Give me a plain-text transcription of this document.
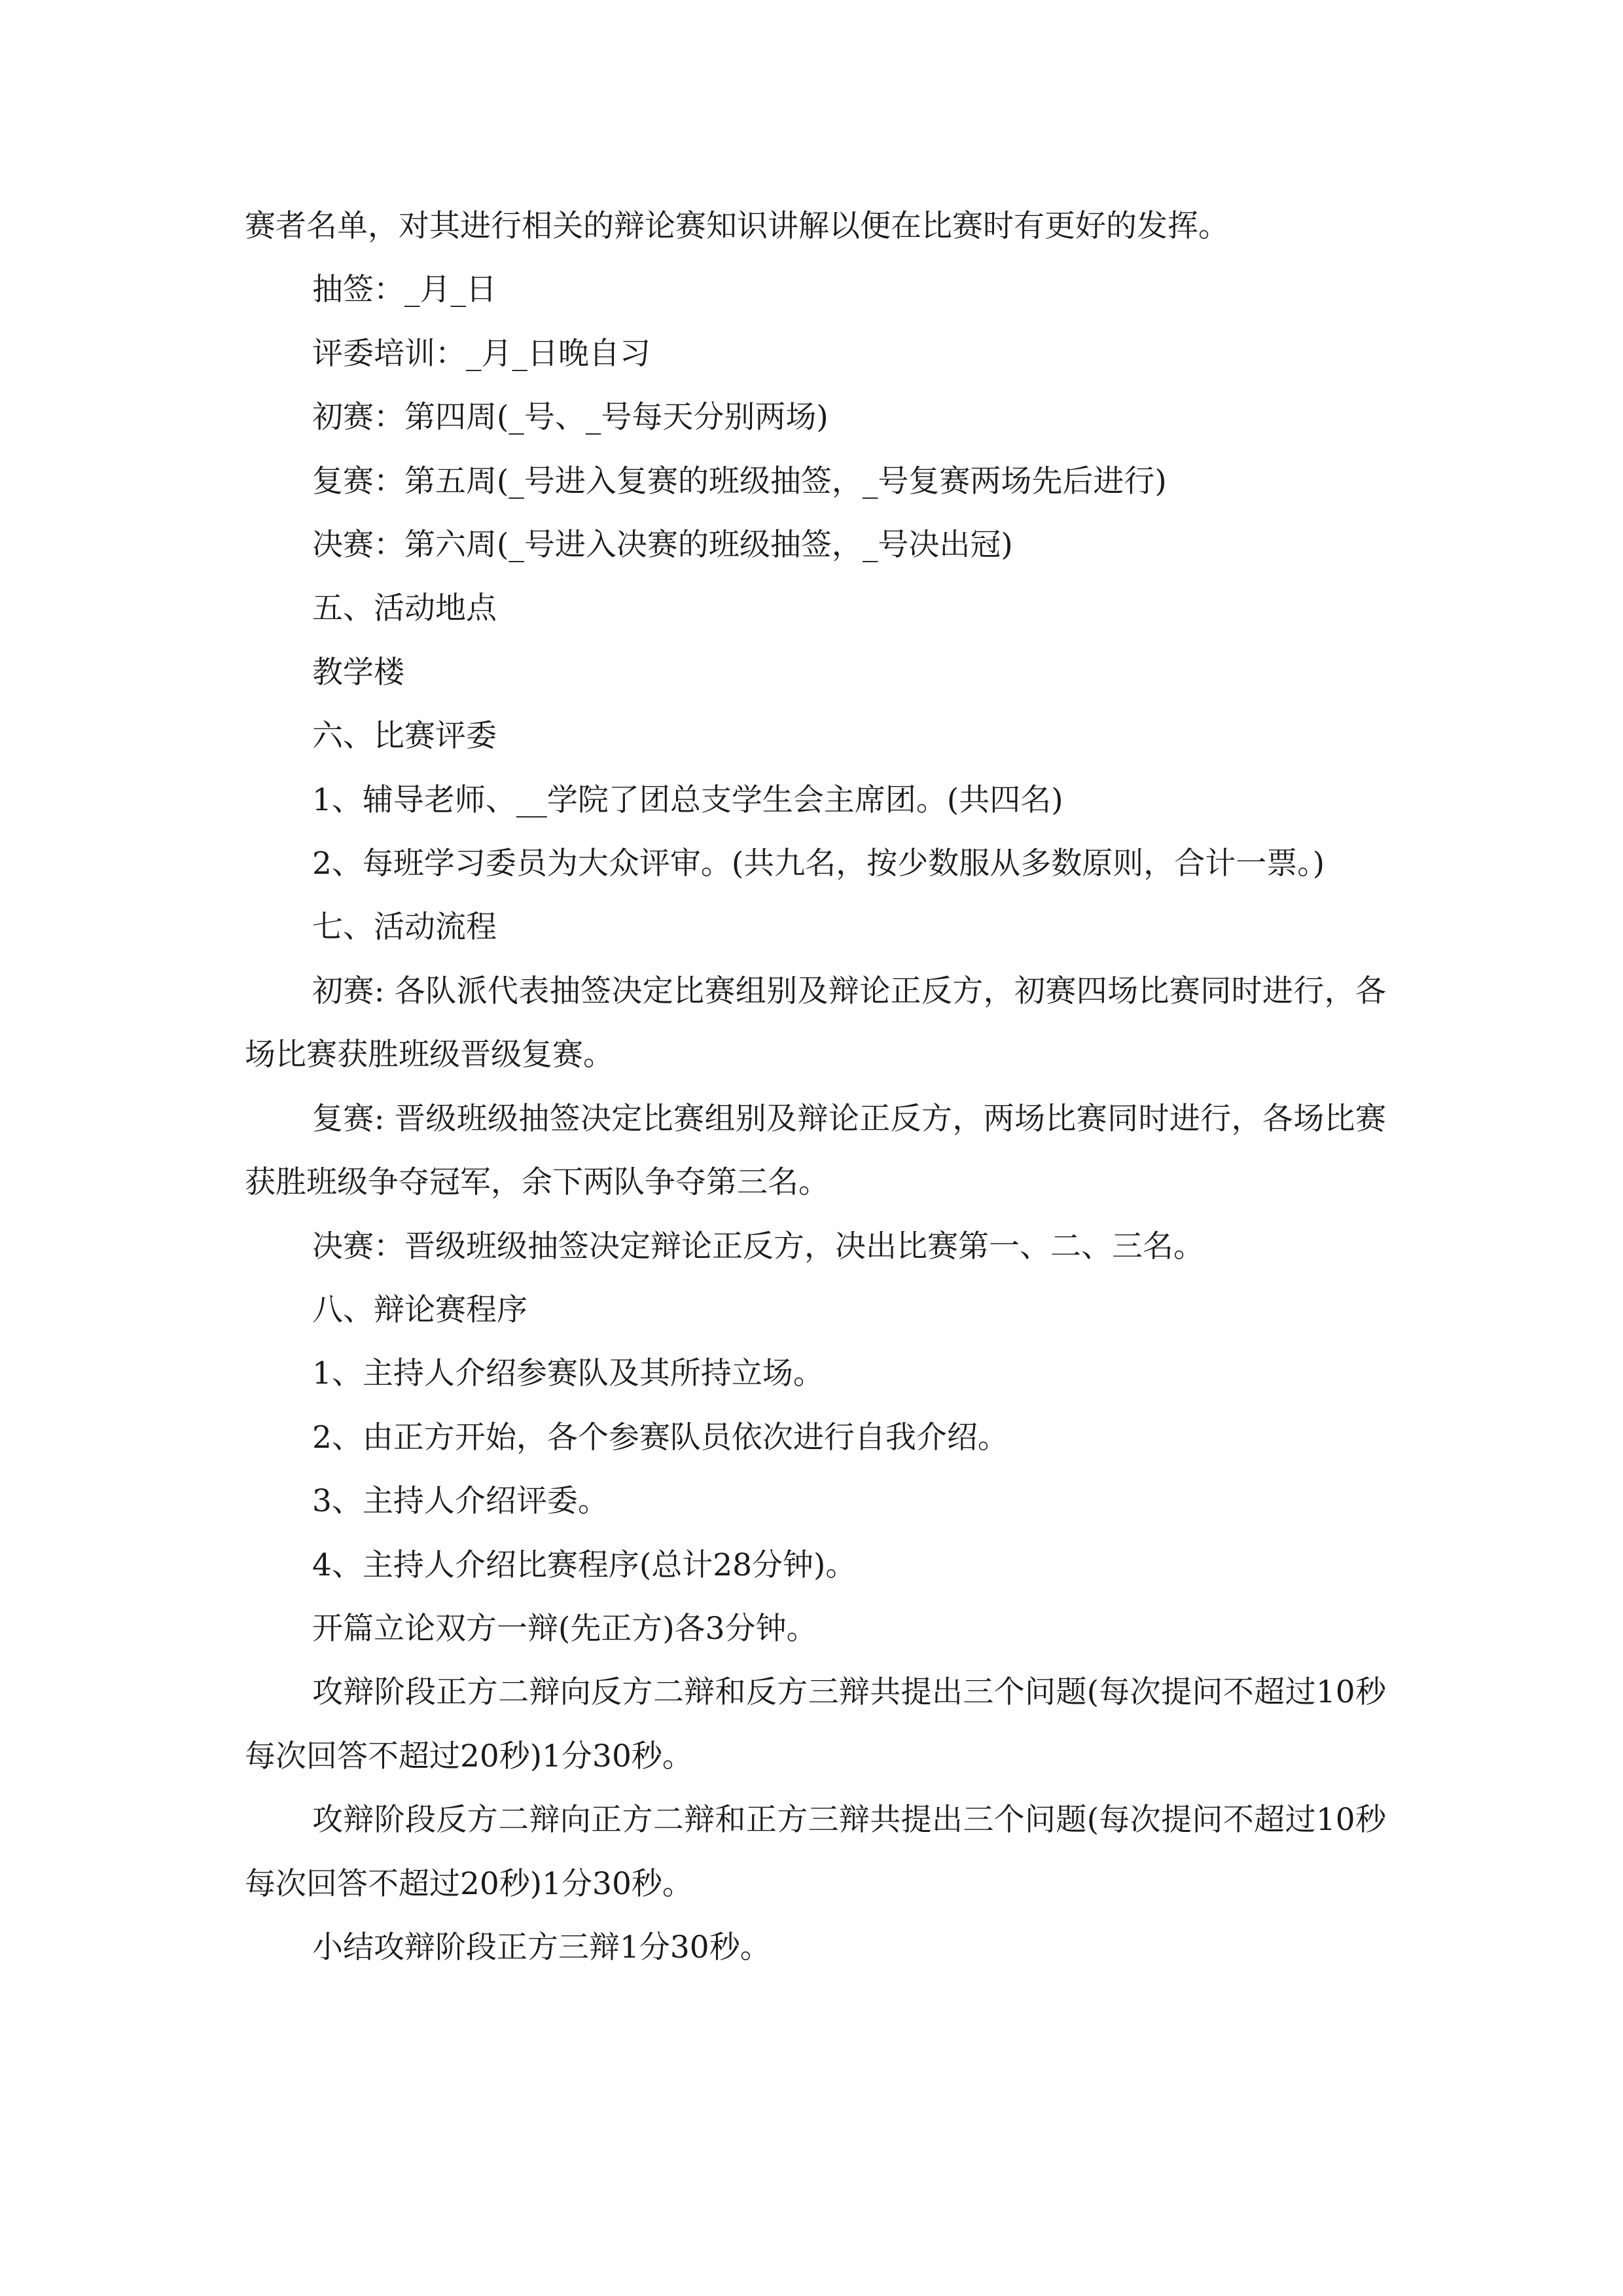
赛者名单，对其进行相关的辩论赛知识讲解以便在比赛时有更好的发挥。

抽签：_月_日

评委培训：_月_日晚自习

初赛：第四周(_号、_号每天分别两场)

复赛：第五周(_号进入复赛的班级抽签，_号复赛两场先后进行)

决赛：第六周(_号进入决赛的班级抽签，_号决出冠)

五、活动地点

教学楼

六、比赛评委

1、辅导老师、__学院了团总支学生会主席团。(共四名)

2、每班学习委员为大众评审。(共九名，按少数服从多数原则，合计一票。)

七、活动流程

初赛: 各队派代表抽签决定比赛组别及辩论正反方，初赛四场比赛同时进行，各场比赛获胜班级晋级复赛。

复赛: 晋级班级抽签决定比赛组别及辩论正反方，两场比赛同时进行，各场比赛获胜班级争夺冠军，余下两队争夺第三名。

决赛：晋级班级抽签决定辩论正反方，决出比赛第一、二、三名。

八、辩论赛程序

1、主持人介绍参赛队及其所持立场。

2、由正方开始，各个参赛队员依次进行自我介绍。

3、主持人介绍评委。

4、主持人介绍比赛程序(总计28分钟)。

开篇立论双方一辩(先正方)各3分钟。

攻辩阶段正方二辩向反方二辩和反方三辩共提出三个问题(每次提问不超过10秒每次回答不超过20秒)1分30秒。

攻辩阶段反方二辩向正方二辩和正方三辩共提出三个问题(每次提问不超过10秒每次回答不超过20秒)1分30秒。

小结攻辩阶段正方三辩1分30秒。
